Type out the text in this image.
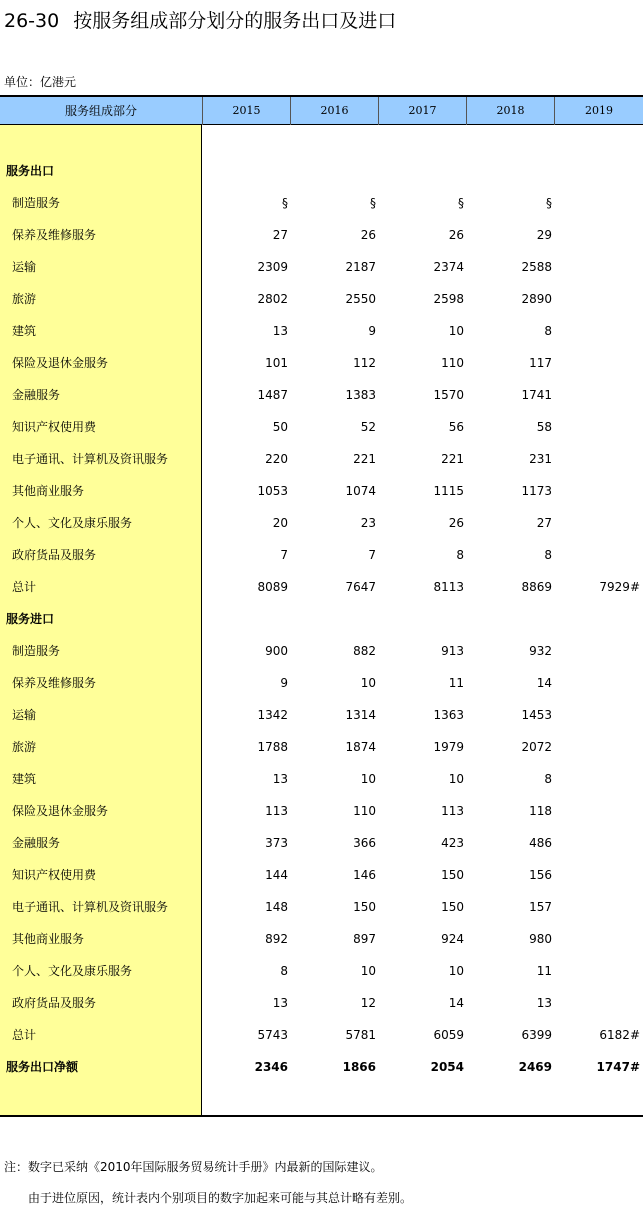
26-30 按服务组成部分划分的服务出口及进口
单位：亿港元
服务组成部分	2015	2016	2017	2018	2019
服务出口
制造服务	§	§	§	§
保养及维修服务	27	26	26	29
运输	2309	2187	2374	2588
旅游	2802	2550	2598	2890
建筑	13	9	10	8
保险及退休金服务	101	112	110	117
金融服务	1487	1383	1570	1741
知识产权使用费	50	52	56	58
电子通讯、计算机及资讯服务	220	221	221	231
其他商业服务	1053	1074	1115	1173
个人、文化及康乐服务	20	23	26	27
政府货品及服务	7	7	8	8
总计	8089	7647	8113	8869	7929#
服务进口
制造服务	900	882	913	932
保养及维修服务	9	10	11	14
运输	1342	1314	1363	1453
旅游	1788	1874	1979	2072
建筑	13	10	10	8
保险及退休金服务	113	110	113	118
金融服务	373	366	423	486
知识产权使用费	144	146	150	156
电子通讯、计算机及资讯服务	148	150	150	157
其他商业服务	892	897	924	980
个人、文化及康乐服务	8	10	10	11
政府货品及服务	13	12	14	13
总计	5743	5781	6059	6399	6182#
服务出口净额	2346	1866	2054	2469	1747#
注：数字已采纳《2010年国际服务贸易统计手册》内最新的国际建议。
　　由于进位原因，统计表内个别项目的数字加起来可能与其总计略有差别。
